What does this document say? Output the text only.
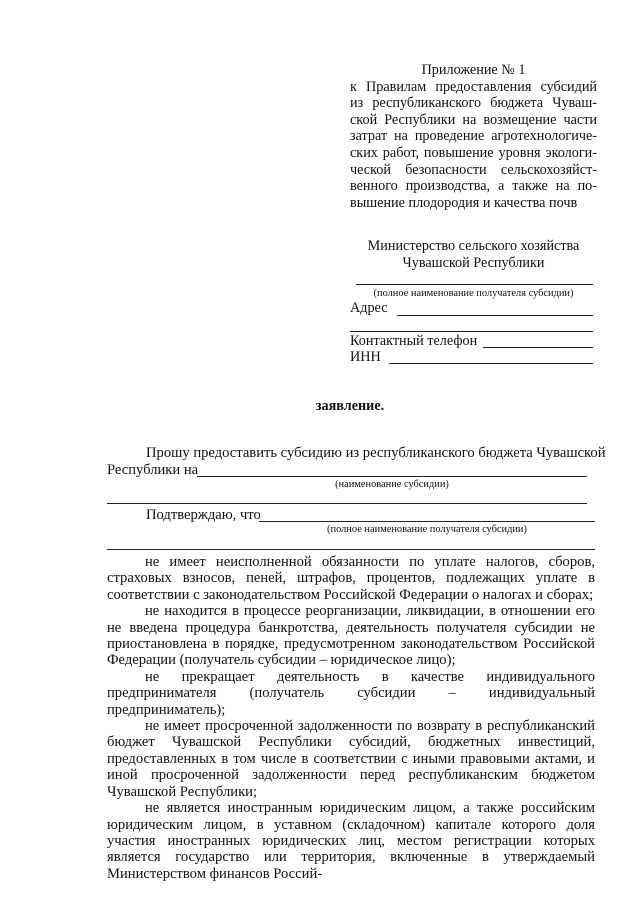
Приложение № 1
к Правилам предоставления субсидий
из республиканского бюджета Чуваш-
ской Республики на возмещение части
затрат на проведение агротехнологиче-
ских работ, повышение уровня экологи-
ческой безопасности сельскохозяйст-
венного производства, а также на по-
вышение плодородия и качества почв
Министерство сельского хозяйства
Чувашской Республики
(полное наименование получателя субсидии)
Адрес
Контактный телефон
ИНН
заявление.
Прошу предоставить субсидию из республиканского бюджета Чувашской
Республики на
(наименование субсидии)
Подтверждаю, что
(полное наименование получателя субсидии)

не имеет неисполненной обязанности по уплате налогов, сборов, страховых взносов, пеней, штрафов, процентов, подлежащих уплате в соответствии с законодательством Российской Федерации о налогах и сборах;

не находится в процессе реорганизации, ликвидации, в отношении его не введена процедура банкротства, деятельность получателя субсидии не приостановлена в порядке, предусмотренном законодательством Российской Федерации (получатель субсидии – юридическое лицо);

не прекращает деятельность в качестве индивидуального предпринимателя (получатель субсидии – индивидуальный предприниматель);

не имеет просроченной задолженности по возврату в республиканский бюджет Чувашской Республики субсидий, бюджетных инвестиций, предоставленных в том числе в соответствии с иными правовыми актами, и иной просроченной задолженности перед республиканским бюджетом Чувашской Республики;

не является иностранным юридическим лицом, а также российским юридическим лицом, в уставном (складочном) капитале которого доля участия иностранных юридических лиц, местом регистрации которых является государство или территория, включенные в утверждаемый Министерством финансов Россий-
